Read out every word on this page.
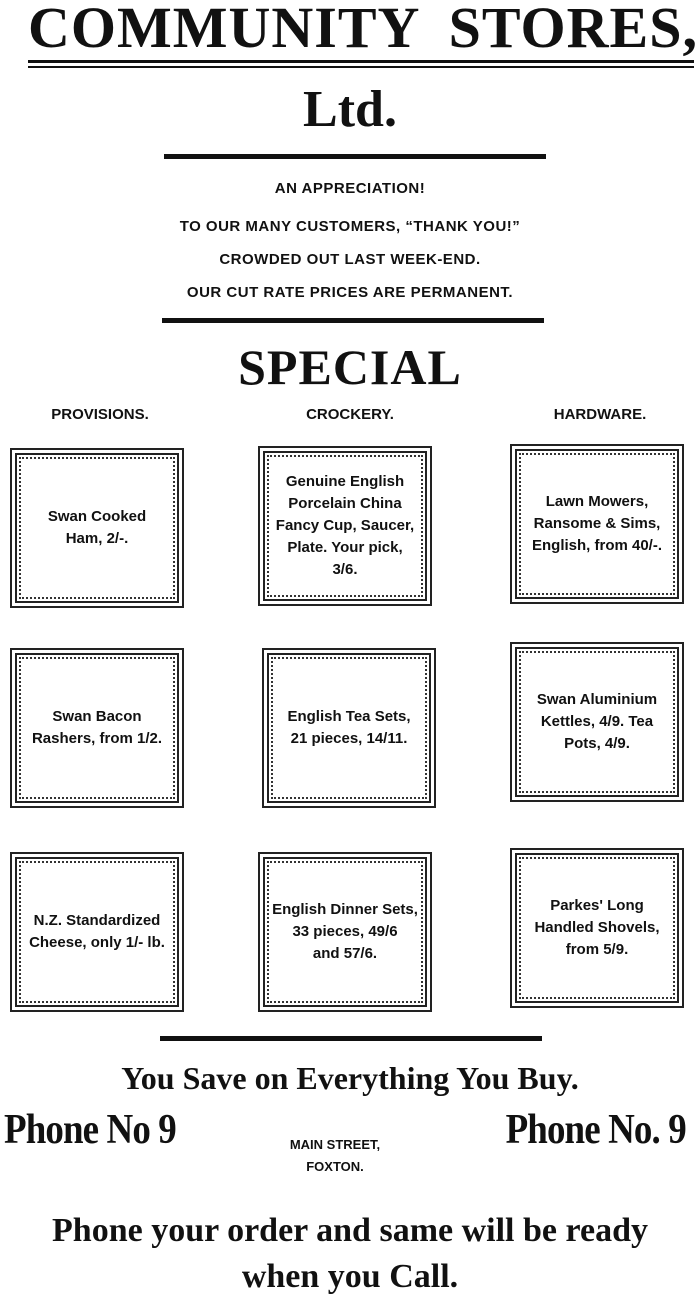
COMMUNITY STORES,
Ltd.
AN APPRECIATION!
TO OUR MANY CUSTOMERS, “THANK YOU!”
CROWDED OUT LAST WEEK-END.
OUR CUT RATE PRICES ARE PERMANENT.
SPECIAL
PROVISIONS.	CROCKERY.	HARDWARE.
Swan Cooked
Ham, 2/-.
Genuine English
Porcelain China
Fancy Cup, Saucer,
Plate. Your pick,
3/6.
Lawn Mowers,
Ransome & Sims,
English, from 40/-.
Swan Bacon
Rashers, from 1/2.
English Tea Sets,
21 pieces, 14/11.
Swan Aluminium
Kettles, 4/9. Tea
Pots, 4/9.
N.Z. Standardized
Cheese, only 1/- lb.
English Dinner Sets,
33 pieces, 49/6
and 57/6.
Parkes' Long
Handled Shovels,
from 5/9.
You Save on Everything You Buy.
Phone No 9	MAIN STREET,
FOXTON.
Phone No. 9
Phone your order and same will be ready
when you Call.
